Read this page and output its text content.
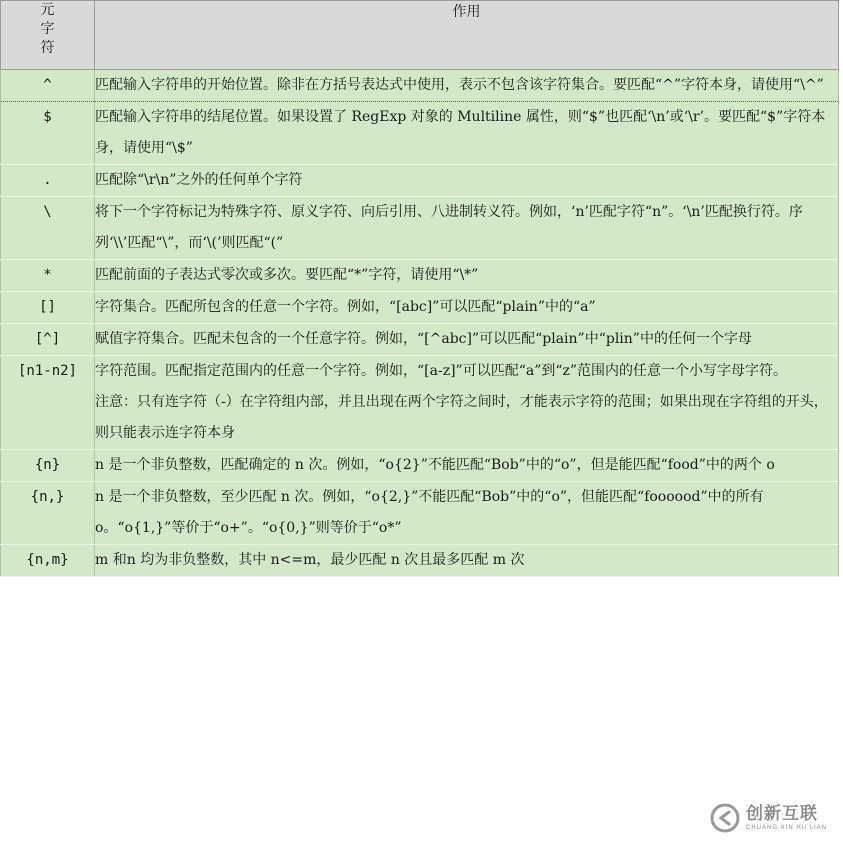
元字符	作用
^	匹配输入字符串的开始位置。除非在方括号表达式中使用，表示不包含该字符集合。要匹配“^”字符本身，请使用“\^”

$	匹配输入字符串的结尾位置。如果设置了 RegExp 对象的 Multiline 属性，则“$”也匹配‘\n’或‘\r’。要匹配“$”字符本身，请使用“\$”

.	匹配除“\r\n”之外的任何单个字符

\	将下一个字符标记为特殊字符、原义字符、向后引用、八进制转义符。例如，‘n’匹配字符“n”。‘\n’匹配换行符。序列‘\\’匹配“\”，而‘\(’则匹配“(”

*	匹配前面的子表达式零次或多次。要匹配“*”字符，请使用“\*”

[]	字符集合。匹配所包含的任意一个字符。例如，“[abc]”可以匹配“plain”中的“a”

[^]	赋值字符集合。匹配未包含的一个任意字符。例如，“[^abc]”可以匹配“plain”中“plin”中的任何一个字母

[n1-n2]	字符范围。匹配指定范围内的任意一个字符。例如，“[a-z]”可以匹配“a”到“z”范围内的任意一个小写字母字符。

注意：只有连字符（-）在字符组内部，并且出现在两个字符之间时，才能表示字符的范围；如果出现在字符组的开头，则只能表示连字符本身

{n}	n 是一个非负整数，匹配确定的 n 次。例如，“o{2}”不能匹配“Bob”中的“o”，但是能匹配“food”中的两个 o

{n,}	n 是一个非负整数，至少匹配 n 次。例如，“o{2,}”不能匹配“Bob”中的“o”，但能匹配“foooood”中的所有 o。“o{1,}”等价于“o+”。“o{0,}”则等价于“o*”

{n,m}	m 和n 均为非负整数，其中 n<=m，最少匹配 n 次且最多匹配 m 次

创新互联
CHUANG XIN HU LIAN
